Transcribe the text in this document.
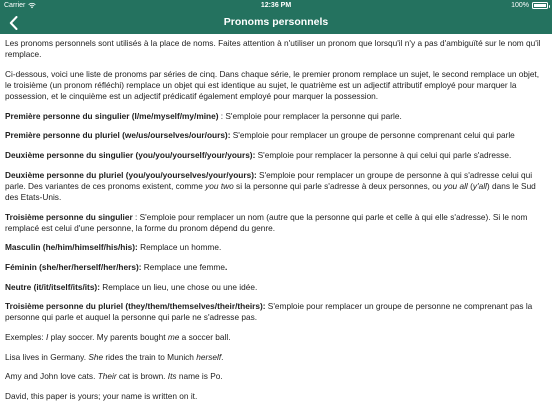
Carrier	12:36 PM	100%
Pronoms personnels

Les pronoms personnels sont utilisés à la place de noms. Faites attention à n'utiliser un pronom que lorsqu'il n'y a pas d'ambiguïté sur le nom qu'il remplace.

Ci-dessous, voici une liste de pronoms par séries de cinq. Dans chaque série, le premier pronom remplace un sujet, le second remplace un objet, le troisième (un pronom réfléchi) remplace un objet qui est identique au sujet, le quatrième est un adjectif attributif employé pour marquer la possession, et le cinquième est un adjectif prédicatif également employé pour marquer la possession.

Première personne du singulier (I/me/myself/my/mine) : S'emploie pour remplacer la personne qui parle.

Première personne du pluriel (we/us/ourselves/our/ours): S'emploie pour remplacer un groupe de personne comprenant celui qui parle

Deuxième personne du singulier (you/you/yourself/your/yours): S'emploie pour remplacer la personne à qui celui qui parle s'adresse.

Deuxième personne du pluriel (you/you/yourselves/your/yours): S'emploie pour remplacer un groupe de personne à qui s'adresse celui qui parle. Des variantes de ces pronoms existent, comme you two si la personne qui parle s'adresse à deux personnes, ou you all (y'all) dans le Sud des Etats-Unis.

Troisième personne du singulier : S'emploie pour remplacer un nom (autre que la personne qui parle et celle à qui elle s'adresse). Si le nom remplacé est celui d'une personne, la forme du pronom dépend du genre.

Masculin (he/him/himself/his/his): Remplace un homme.

Féminin (she/her/herself/her/hers): Remplace une femme.

Neutre (it/it/itself/its/its): Remplace un lieu, une chose ou une idée.

Troisième personne du pluriel (they/them/themselves/their/theirs): S'emploie pour remplacer un groupe de personne ne comprenant pas la personne qui parle et auquel la personne qui parle ne s'adresse pas.

Exemples: I play soccer. My parents bought me a soccer ball.

Lisa lives in Germany. She rides the train to Munich herself.

Amy and John love cats. Their cat is brown. Its name is Po.

David, this paper is yours; your name is written on it.
